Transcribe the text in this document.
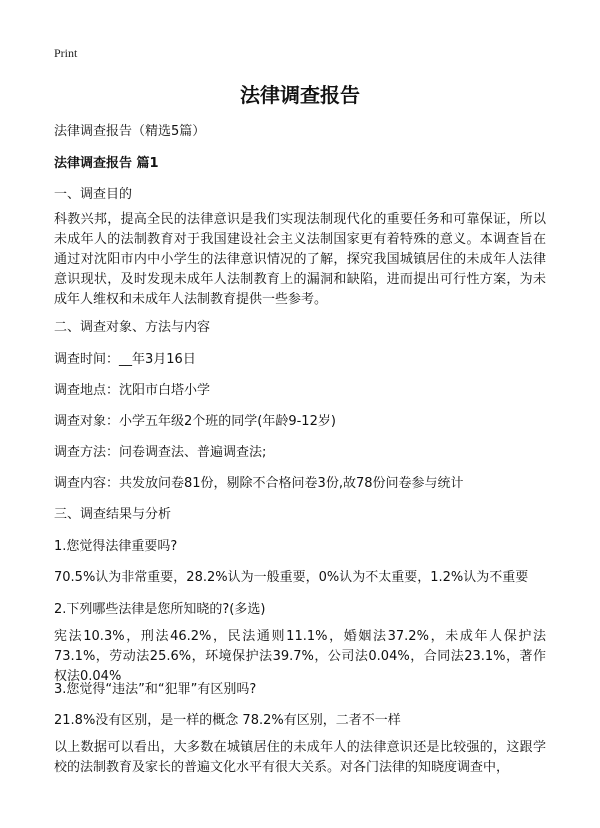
Print
法律调查报告

法律调查报告（精选5篇）

法律调查报告 篇1

一、调查目的

科教兴邦，提高全民的法律意识是我们实现法制现代化的重要任务和可靠保证，所以未成年人的法制教育对于我国建设社会主义法制国家更有着特殊的意义。本调查旨在通过对沈阳市内中小学生的法律意识情况的了解，探究我国城镇居住的未成年人法律意识现状，及时发现未成年人法制教育上的漏洞和缺陷，进而提出可行性方案，为未成年人维权和未成年人法制教育提供一些参考。

二、调查对象、方法与内容

调查时间：__年3月16日

调查地点：沈阳市白塔小学

调查对象：小学五年级2个班的同学(年龄9-12岁)

调查方法：问卷调查法、普遍调查法;

调查内容：共发放问卷81份，剔除不合格问卷3份,故78份问卷参与统计

三、调查结果与分析

1.您觉得法律重要吗?

70.5%认为非常重要，28.2%认为一般重要，0%认为不太重要，1.2%认为不重要

2.下列哪些法律是您所知晓的?(多选)

宪法10.3%，刑法46.2%，民法通则11.1%，婚姻法37.2%，未成年人保护法73.1%，劳动法25.6%，环境保护法39.7%，公司法0.04%，合同法23.1%，著作权法0.04%

3.您觉得“违法”和“犯罪”有区别吗?

21.8%没有区别，是一样的概念 78.2%有区别，二者不一样

以上数据可以看出，大多数在城镇居住的未成年人的法律意识还是比较强的，这跟学校的法制教育及家长的普遍文化水平有很大关系。对各门法律的知晓度调查中，
